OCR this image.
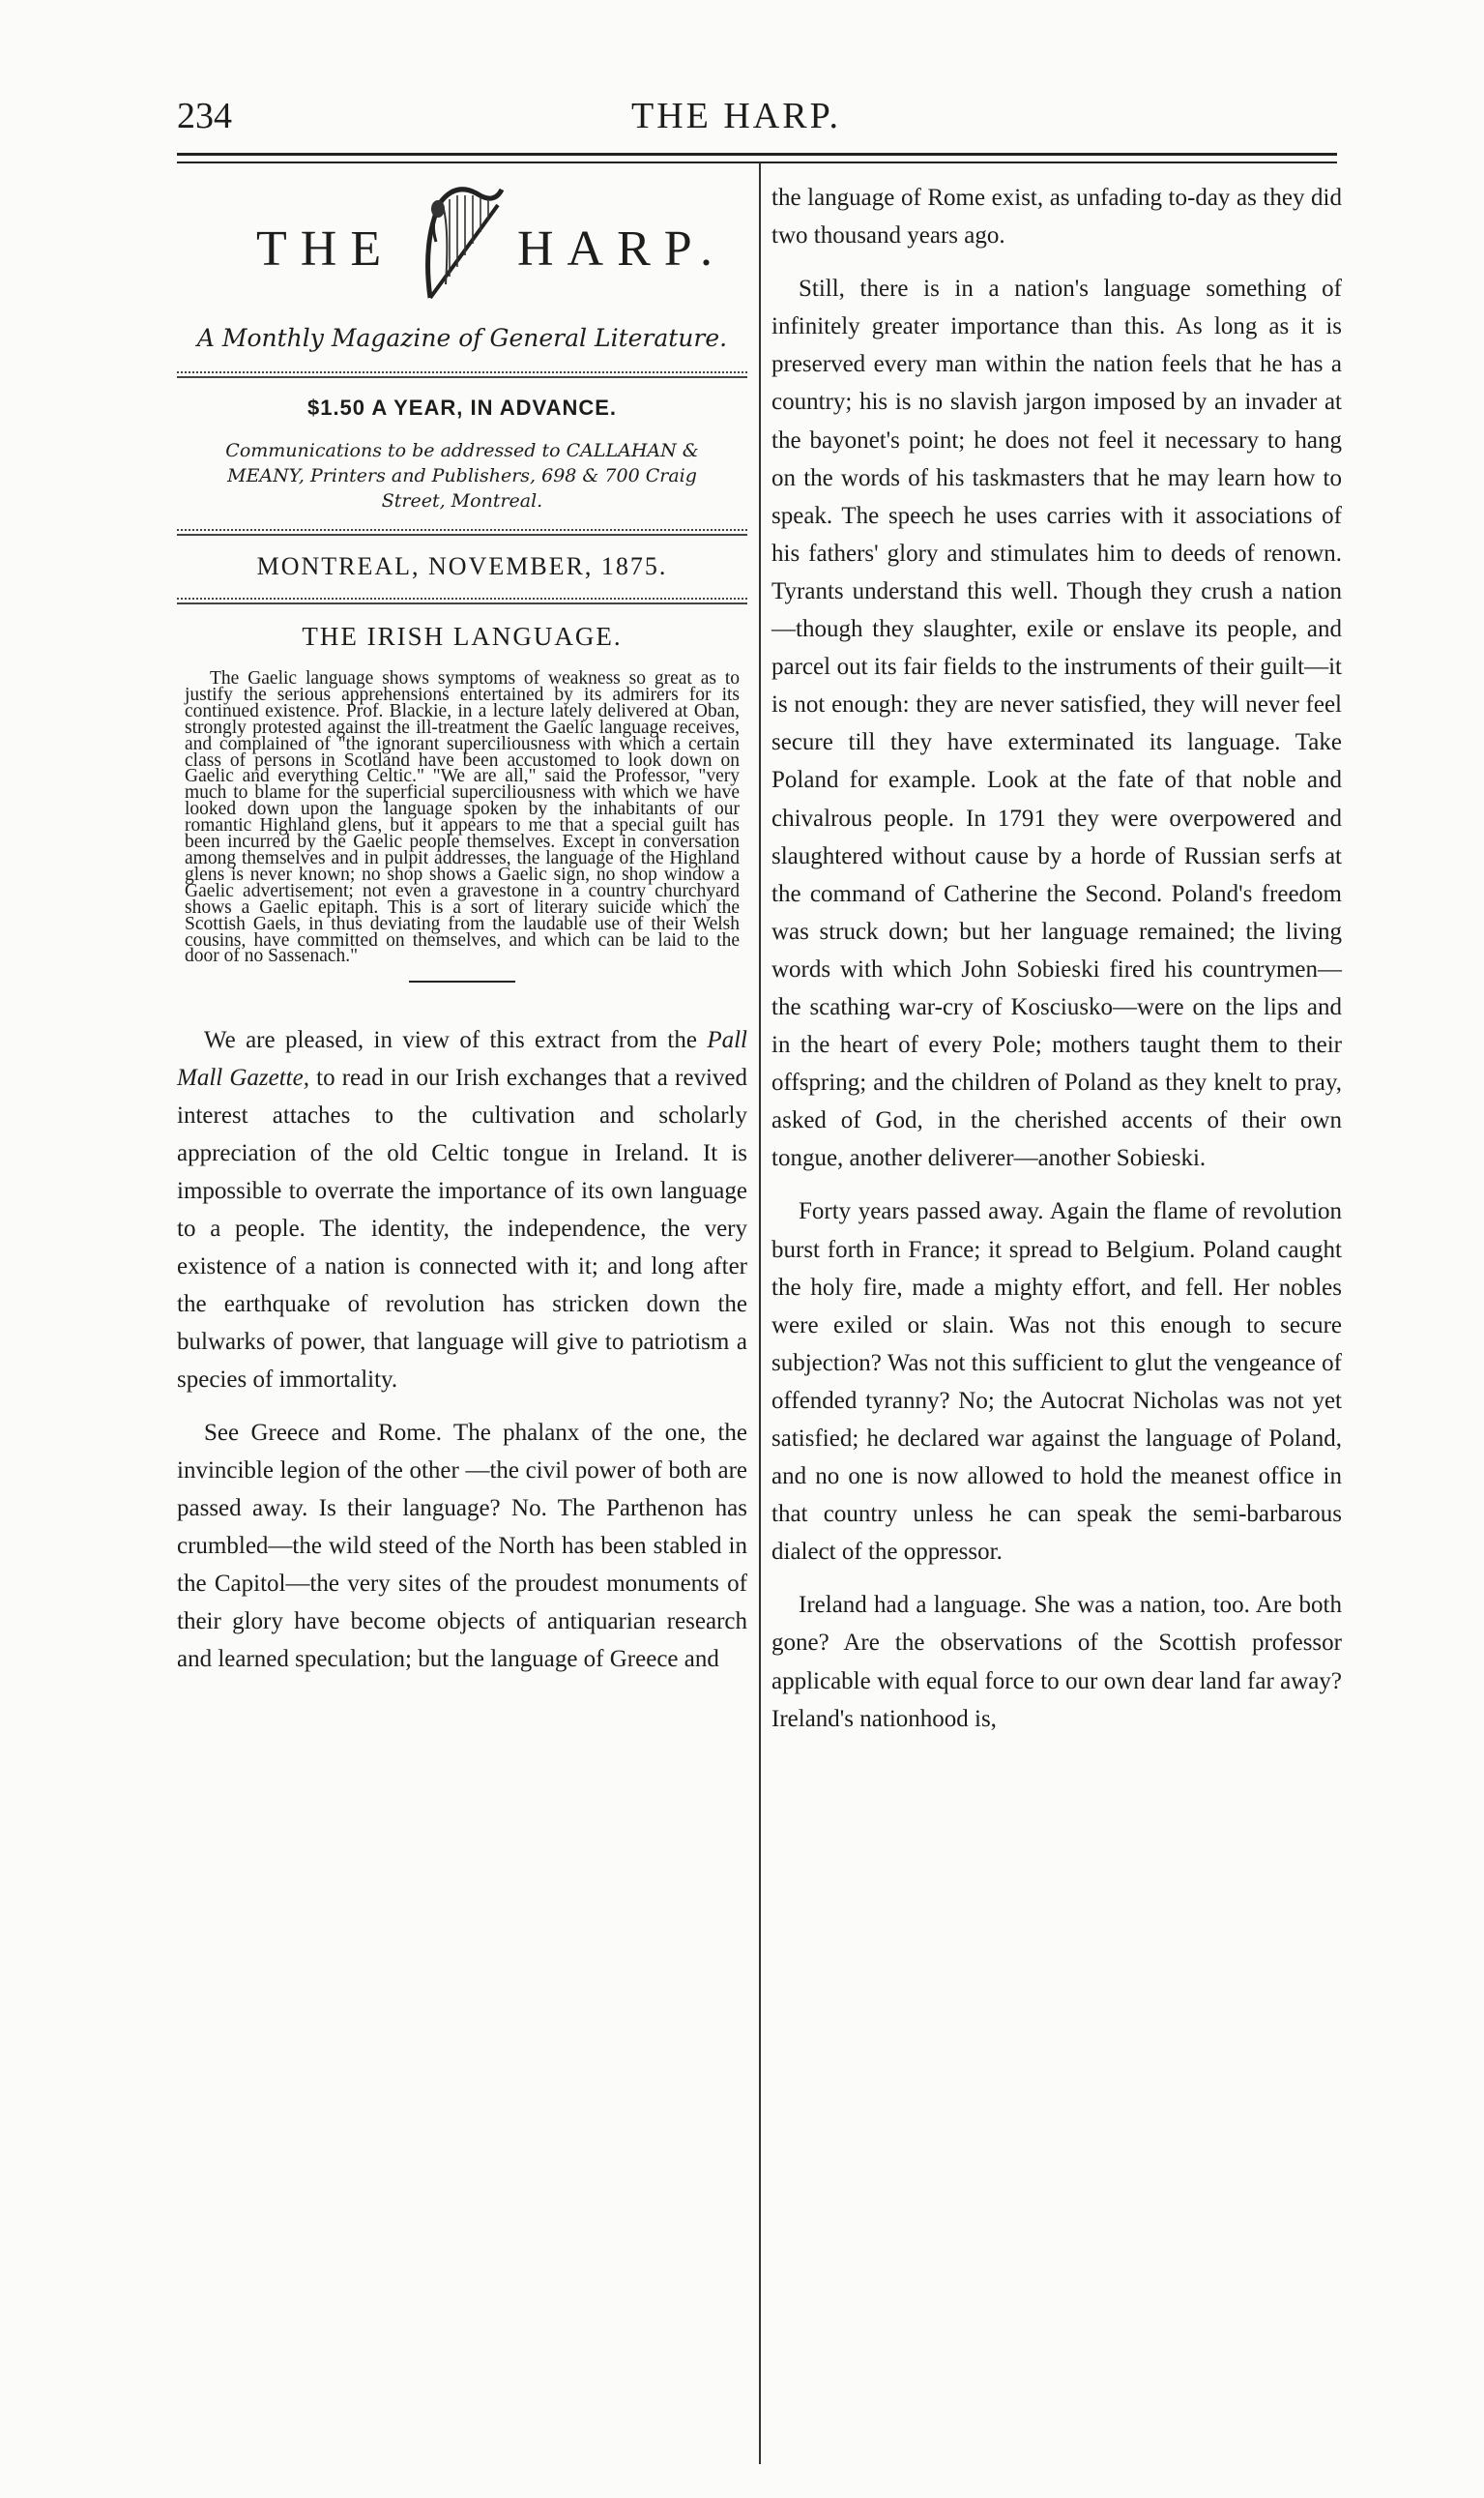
234	THE HARP.
THE HARP.
A Monthly Magazine of General Literature.
$1.50 A YEAR, IN ADVANCE.
Communications to be addressed to CALLAHAN & MEANY, Printers and Publishers, 698 & 700 Craig Street, Montreal.
MONTREAL, NOVEMBER, 1875.
THE IRISH LANGUAGE.

The Gaelic language shows symptoms of weakness so great as to justify the serious apprehensions entertained by its admirers for its continued existence. Prof. Blackie, in a lecture lately delivered at Oban, strongly protested against the ill-treatment the Gaelic language receives, and complained of "the ignorant superciliousness with which a certain class of persons in Scotland have been accustomed to look down on Gaelic and everything Celtic." "We are all," said the Professor, "very much to blame for the superficial superciliousness with which we have looked down upon the language spoken by the inhabitants of our romantic Highland glens, but it appears to me that a special guilt has been incurred by the Gaelic people themselves. Except in conversation among themselves and in pulpit addresses, the language of the Highland glens is never known; no shop shows a Gaelic sign, no shop window a Gaelic advertisement; not even a gravestone in a country churchyard shows a Gaelic epitaph. This is a sort of literary suicide which the Scottish Gaels, in thus deviating from the laudable use of their Welsh cousins, have committed on themselves, and which can be laid to the door of no Sassenach."

We are pleased, in view of this extract from the Pall Mall Gazette, to read in our Irish exchanges that a revived interest attaches to the cultivation and scholarly appreciation of the old Celtic tongue in Ireland. It is impossible to overrate the importance of its own language to a people. The identity, the independence, the very existence of a nation is connected with it; and long after the earthquake of revolution has stricken down the bulwarks of power, that language will give to patriotism a species of immortality.

See Greece and Rome. The phalanx of the one, the invincible legion of the other —the civil power of both are passed away. Is their language? No. The Parthenon has crumbled—the wild steed of the North has been stabled in the Capitol—the very sites of the proudest monuments of their glory have become objects of antiquarian research and learned speculation; but the language of Greece and

the language of Rome exist, as unfading to-day as they did two thousand years ago.

Still, there is in a nation's language something of infinitely greater importance than this. As long as it is preserved every man within the nation feels that he has a country; his is no slavish jargon imposed by an invader at the bayonet's point; he does not feel it necessary to hang on the words of his taskmasters that he may learn how to speak. The speech he uses carries with it associations of his fathers' glory and stimulates him to deeds of renown. Tyrants understand this well. Though they crush a nation—though they slaughter, exile or enslave its people, and parcel out its fair fields to the instruments of their guilt—it is not enough: they are never satisfied, they will never feel secure till they have exterminated its language. Take Poland for example. Look at the fate of that noble and chivalrous people. In 1791 they were overpowered and slaughtered without cause by a horde of Russian serfs at the command of Catherine the Second. Poland's freedom was struck down; but her language remained; the living words with which John Sobieski fired his countrymen—the scathing war-cry of Kosciusko—were on the lips and in the heart of every Pole; mothers taught them to their offspring; and the children of Poland as they knelt to pray, asked of God, in the cherished accents of their own tongue, another deliverer—another Sobieski.

Forty years passed away. Again the flame of revolution burst forth in France; it spread to Belgium. Poland caught the holy fire, made a mighty effort, and fell. Her nobles were exiled or slain. Was not this enough to secure subjection? Was not this sufficient to glut the vengeance of offended tyranny? No; the Autocrat Nicholas was not yet satisfied; he declared war against the language of Poland, and no one is now allowed to hold the meanest office in that country unless he can speak the semi-barbarous dialect of the oppressor.

Ireland had a language. She was a nation, too. Are both gone? Are the observations of the Scottish professor applicable with equal force to our own dear land far away? Ireland's nationhood is,
